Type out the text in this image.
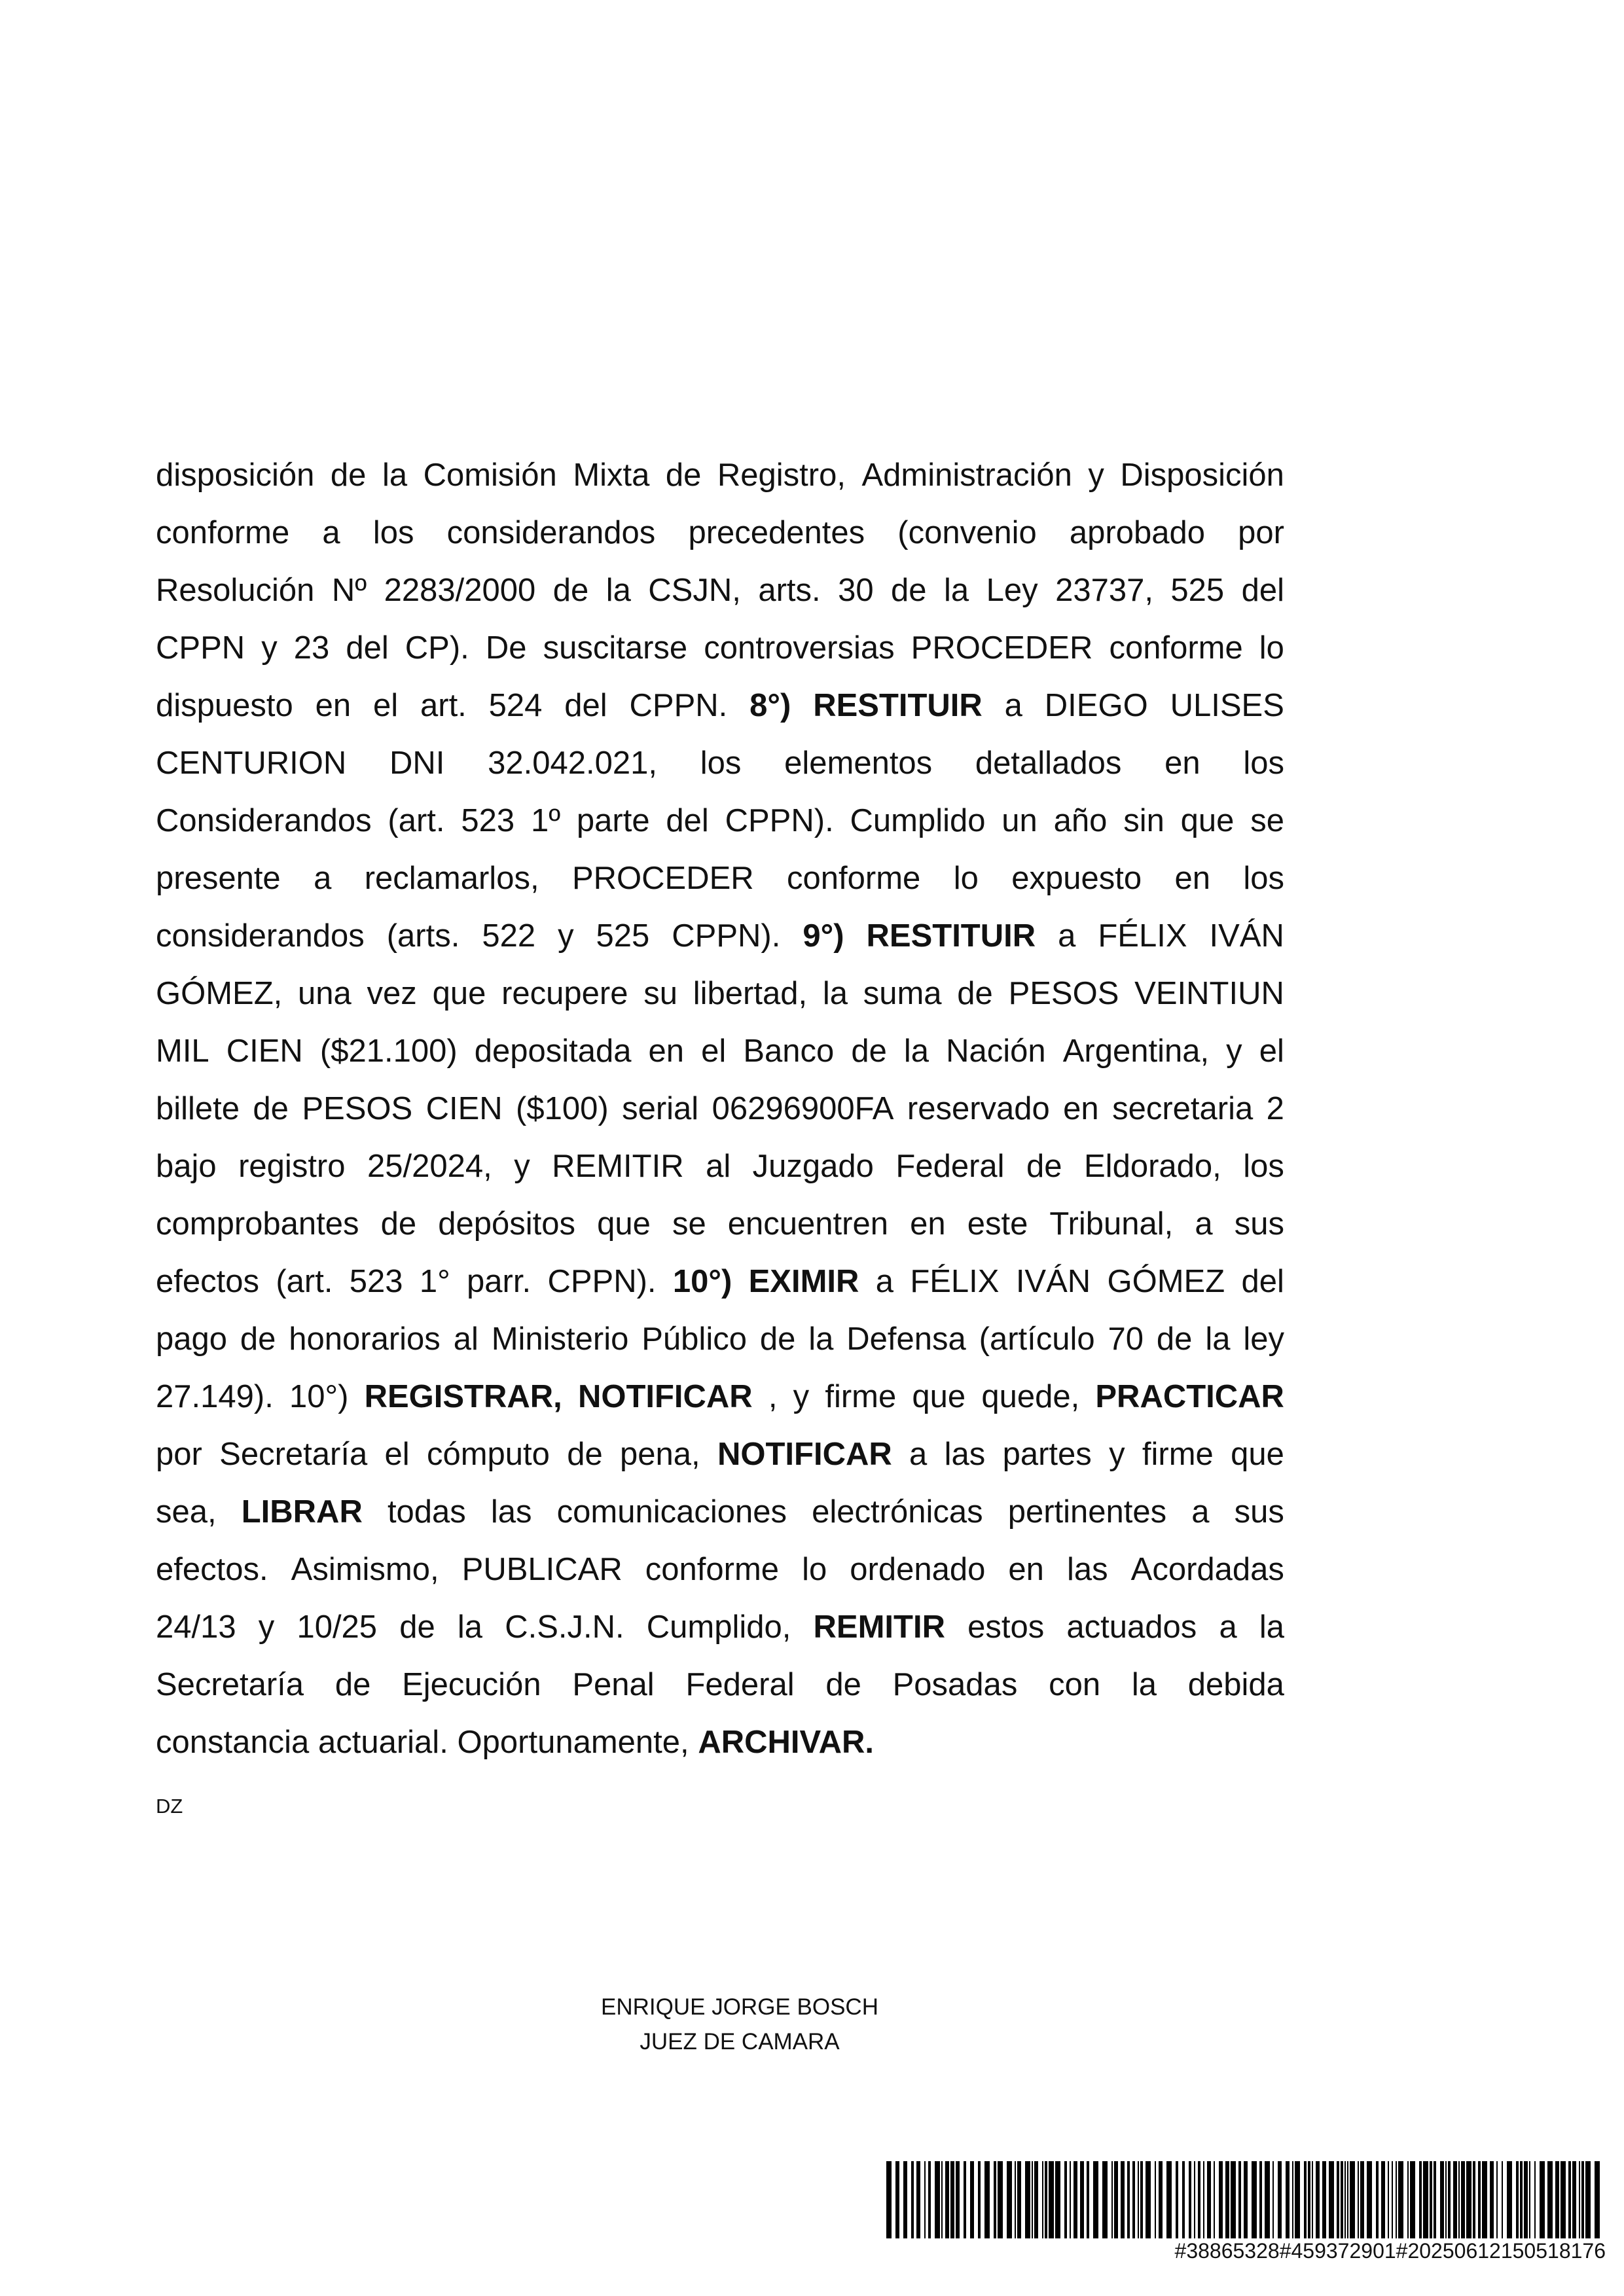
disposición de la Comisión Mixta de Registro, Administración y Disposición
conforme a los considerandos precedentes (convenio aprobado por
Resolución Nº 2283/2000 de la CSJN, arts. 30 de la Ley 23737, 525 del
CPPN y 23 del CP). De suscitarse controversias PROCEDER conforme lo
dispuesto en el art. 524 del CPPN. 8°) RESTITUIR a DIEGO ULISES
CENTURION DNI 32.042.021, los elementos detallados en los
Considerandos (art. 523 1º parte del CPPN). Cumplido un año sin que se
presente a reclamarlos, PROCEDER conforme lo expuesto en los
considerandos (arts. 522 y 525 CPPN). 9°) RESTITUIR a FÉLIX IVÁN
GÓMEZ, una vez que recupere su libertad, la suma de PESOS VEINTIUN
MIL CIEN ($21.100) depositada en el Banco de la Nación Argentina, y el
billete de PESOS CIEN ($100) serial 06296900FA reservado en secretaria 2
bajo registro 25/2024, y REMITIR al Juzgado Federal de Eldorado, los
comprobantes de depósitos que se encuentren en este Tribunal, a sus
efectos (art. 523 1° parr. CPPN). 10°) EXIMIR a FÉLIX IVÁN GÓMEZ del
pago de honorarios al Ministerio Público de la Defensa (artículo 70 de la ley
27.149). 10°) REGISTRAR, NOTIFICAR , y firme que quede, PRACTICAR
por Secretaría el cómputo de pena, NOTIFICAR a las partes y firme que
sea, LIBRAR todas las comunicaciones electrónicas pertinentes a sus
efectos. Asimismo, PUBLICAR conforme lo ordenado en las Acordadas
24/13 y 10/25 de la C.S.J.N. Cumplido, REMITIR estos actuados a la
Secretaría de Ejecución Penal Federal de Posadas con la debida
constancia actuarial. Oportunamente, ARCHIVAR.
DZ
ENRIQUE JORGE BOSCH
JUEZ DE CAMARA
#38865328#459372901#20250612150518176
